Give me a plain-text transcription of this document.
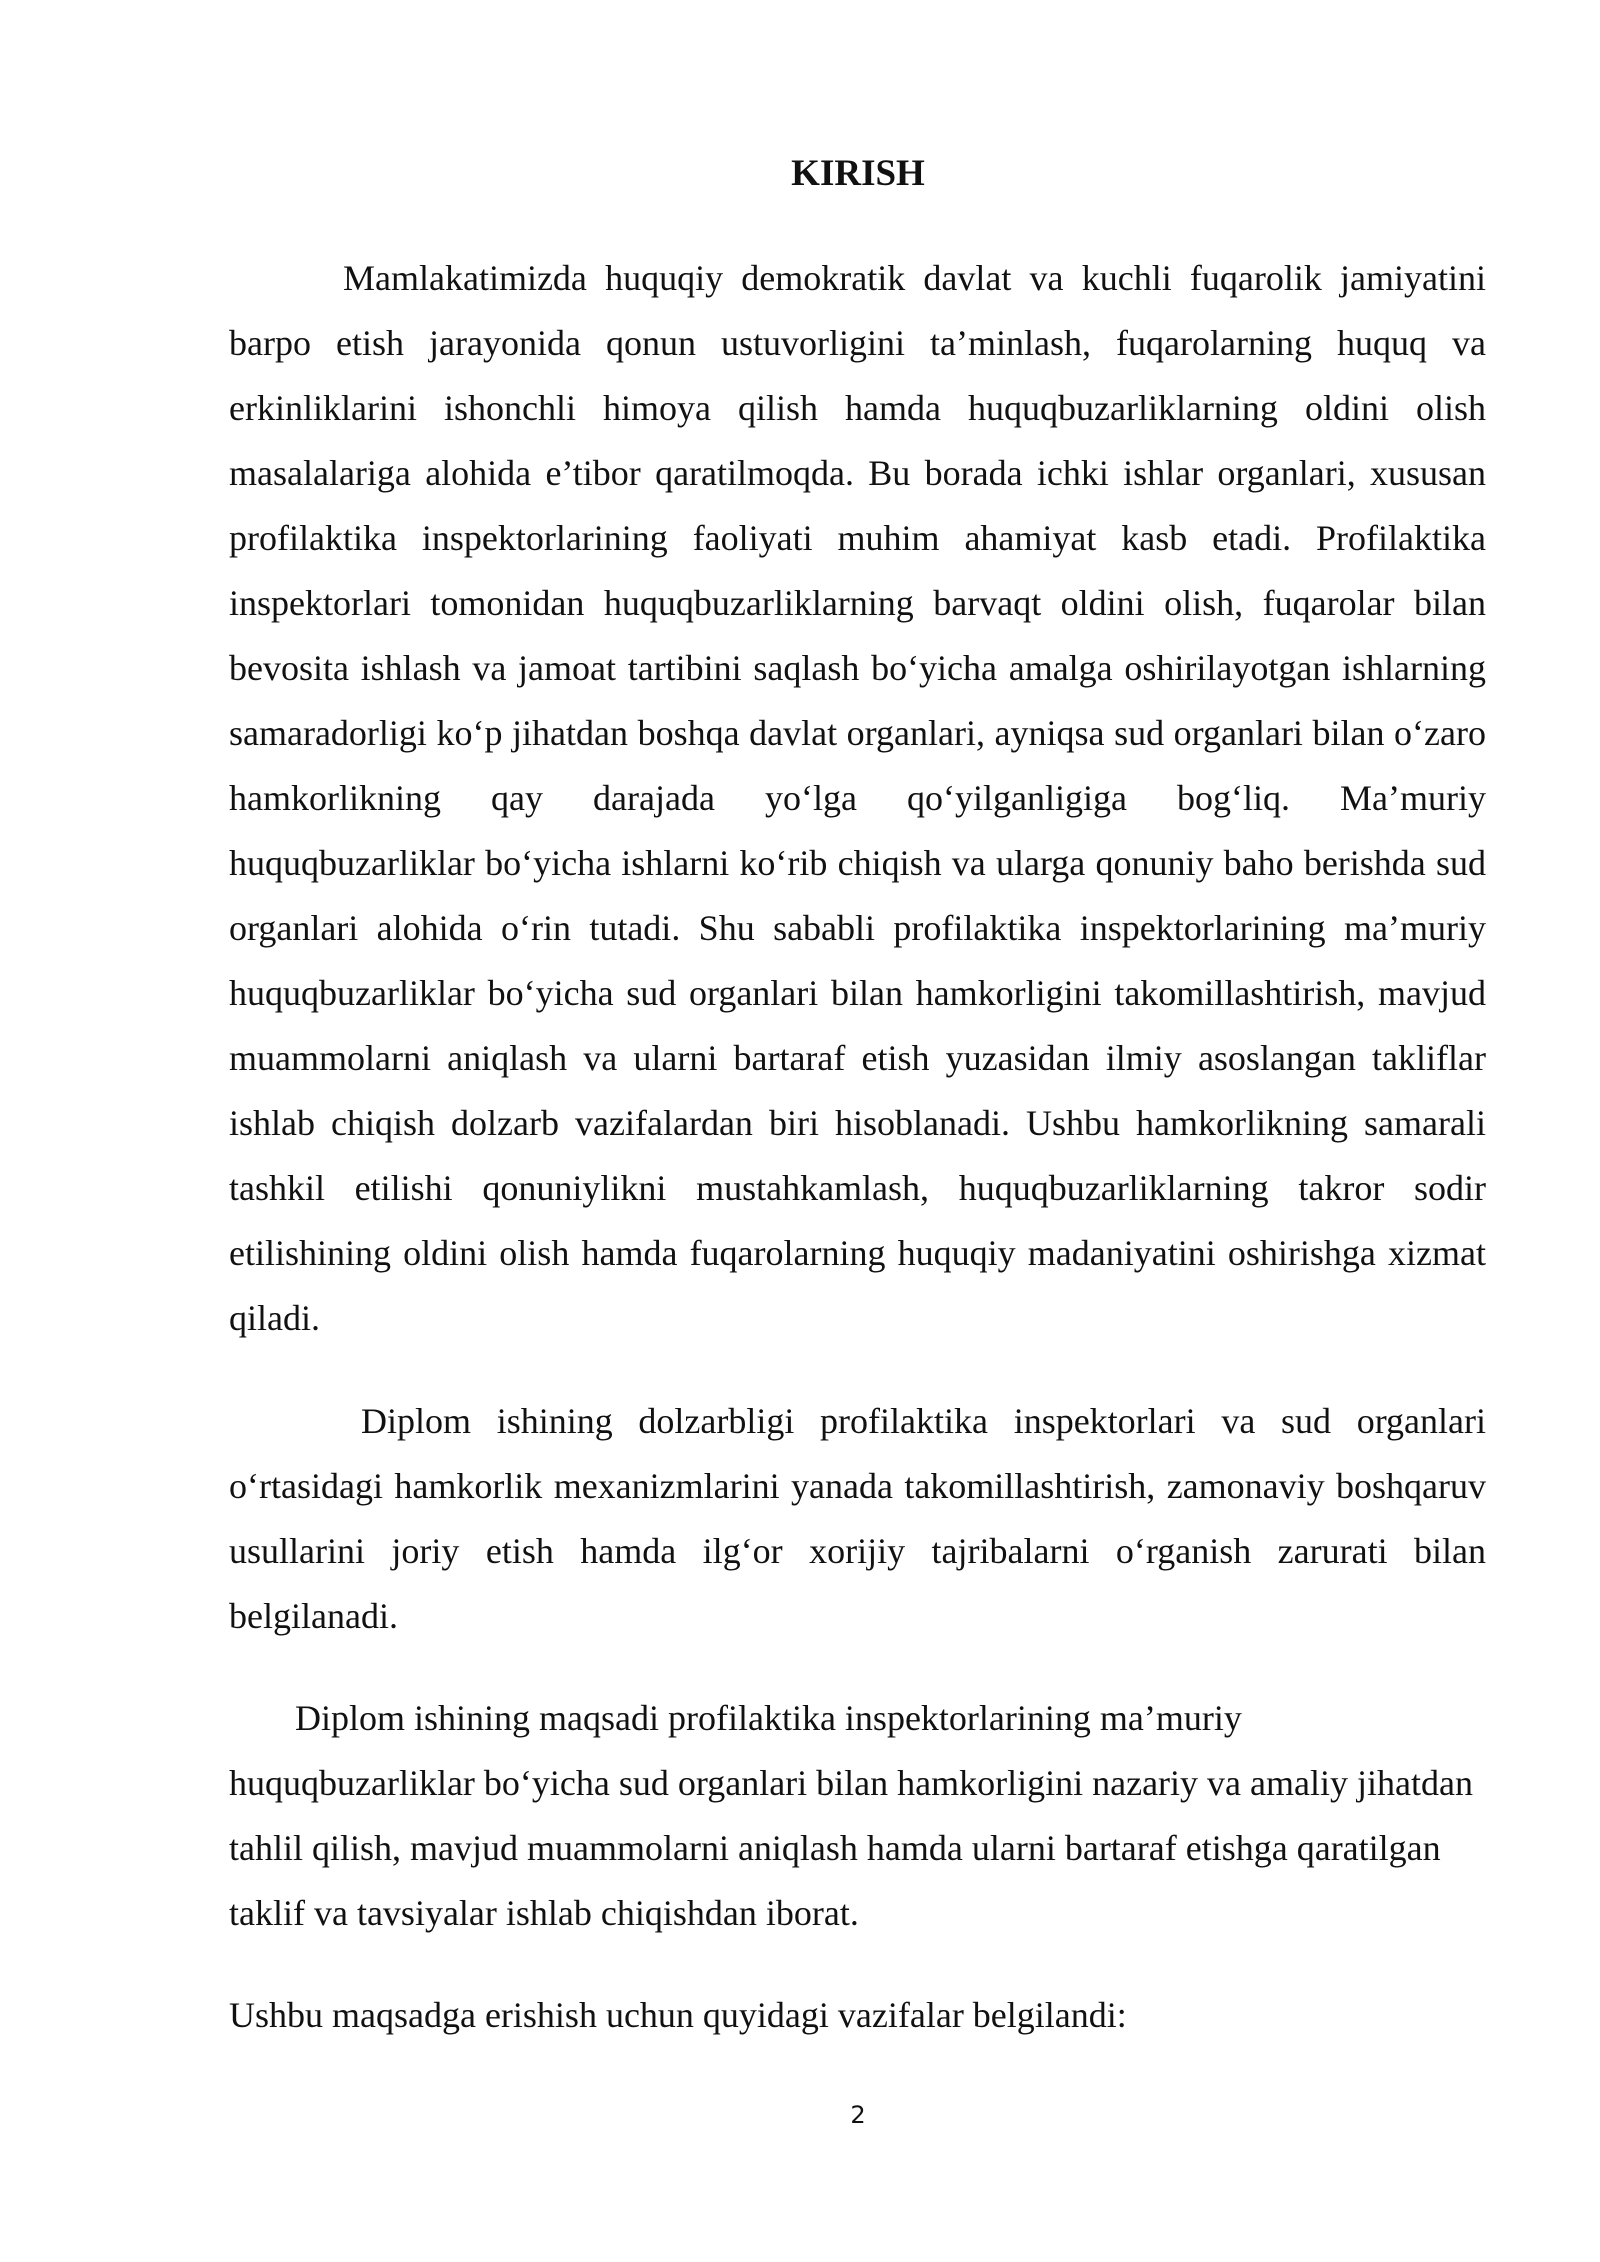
KIRISH

Mamlakatimizda huquqiy demokratik davlat va kuchli fuqarolik jamiyatini barpo etish jarayonida qonun ustuvorligini ta’minlash, fuqarolarning huquq va erkinliklarini ishonchli himoya qilish hamda huquqbuzarliklarning oldini olish masalalariga alohida e’tibor qaratilmoqda. Bu borada ichki ishlar organlari, xususan profilaktika inspektorlarining faoliyati muhim ahamiyat kasb etadi. Profilaktika inspektorlari tomonidan huquqbuzarliklarning barvaqt oldini olish, fuqarolar bilan bevosita ishlash va jamoat tartibini saqlash bo‘yicha amalga oshirilayotgan ishlarning samaradorligi ko‘p jihatdan boshqa davlat organlari, ayniqsa sud organlari bilan o‘zaro hamkorlikning qay darajada yo‘lga qo‘yilganligiga bog‘liq. Ma’muriy huquqbuzarliklar bo‘yicha ishlarni ko‘rib chiqish va ularga qonuniy baho berishda sud organlari alohida o‘rin tutadi. Shu sababli profilaktika inspektorlarining ma’muriy huquqbuzarliklar bo‘yicha sud organlari bilan hamkorligini takomillashtirish, mavjud muammolarni aniqlash va ularni bartaraf etish yuzasidan ilmiy asoslangan takliflar ishlab chiqish dolzarb vazifalardan biri hisoblanadi. Ushbu hamkorlikning samarali tashkil etilishi qonuniylikni mustahkamlash, huquqbuzarliklarning takror sodir etilishining oldini olish hamda fuqarolarning huquqiy madaniyatini oshirishga xizmat qiladi.

Diplom ishining dolzarbligi profilaktika inspektorlari va sud organlari o‘rtasidagi hamkorlik mexanizmlarini yanada takomillashtirish, zamonaviy boshqaruv usullarini joriy etish hamda ilg‘or xorijiy tajribalarni o‘rganish zarurati bilan belgilanadi.

Diplom ishining maqsadi profilaktika inspektorlarining ma’muriy huquqbuzarliklar bo‘yicha sud organlari bilan hamkorligini nazariy va amaliy jihatdan tahlil qilish, mavjud muammolarni aniqlash hamda ularni bartaraf etishga qaratilgan taklif va tavsiyalar ishlab chiqishdan iborat.

Ushbu maqsadga erishish uchun quyidagi vazifalar belgilandi:

2
